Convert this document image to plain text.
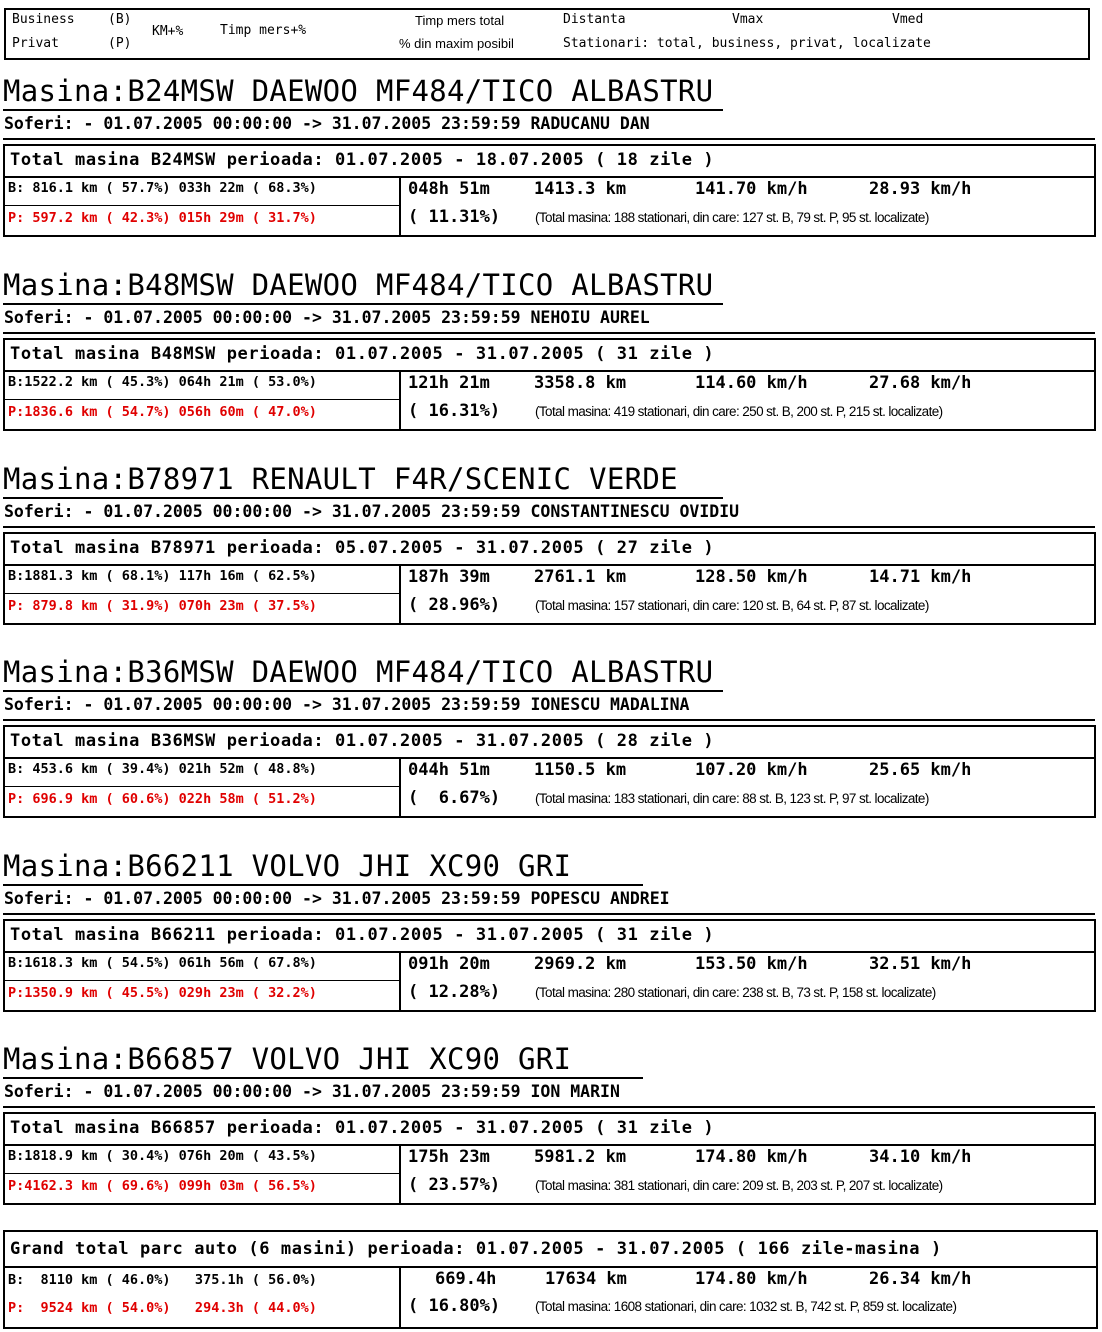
Business	(B)
Privat	(P)
KM+%	Timp mers+%
Timp mers total
% din maxim posibil
Distanta	Vmax	Vmed
Stationari: total, business, privat, localizate
Masina:B24MSW DAEWOO MF484/TICO ALBASTRU
Soferi: - 01.07.2005 00:00:00 -> 31.07.2005 23:59:59 RADUCANU DAN
Total masina B24MSW perioada: 01.07.2005 - 18.07.2005 ( 18 zile )
B: 816.1 km ( 57.7%) 033h 22m ( 68.3%)
P: 597.2 km ( 42.3%) 015h 29m ( 31.7%)
048h 51m	1413.3 km	141.70 km/h	28.93 km/h
( 11.31%)	(Total masina: 188 stationari, din care: 127 st. B, 79 st. P, 95 st. localizate)
Masina:B48MSW DAEWOO MF484/TICO ALBASTRU
Soferi: - 01.07.2005 00:00:00 -> 31.07.2005 23:59:59 NEHOIU AUREL
Total masina B48MSW perioada: 01.07.2005 - 31.07.2005 ( 31 zile )
B:1522.2 km ( 45.3%) 064h 21m ( 53.0%)
P:1836.6 km ( 54.7%) 056h 60m ( 47.0%)
121h 21m	3358.8 km	114.60 km/h	27.68 km/h
( 16.31%)	(Total masina: 419 stationari, din care: 250 st. B, 200 st. P, 215 st. localizate)
Masina:B78971 RENAULT F4R/SCENIC VERDE
Soferi: - 01.07.2005 00:00:00 -> 31.07.2005 23:59:59 CONSTANTINESCU OVIDIU
Total masina B78971 perioada: 05.07.2005 - 31.07.2005 ( 27 zile )
B:1881.3 km ( 68.1%) 117h 16m ( 62.5%)
P: 879.8 km ( 31.9%) 070h 23m ( 37.5%)
187h 39m	2761.1 km	128.50 km/h	14.71 km/h
( 28.96%)	(Total masina: 157 stationari, din care: 120 st. B, 64 st. P, 87 st. localizate)
Masina:B36MSW DAEWOO MF484/TICO ALBASTRU
Soferi: - 01.07.2005 00:00:00 -> 31.07.2005 23:59:59 IONESCU MADALINA
Total masina B36MSW perioada: 01.07.2005 - 31.07.2005 ( 28 zile )
B: 453.6 km ( 39.4%) 021h 52m ( 48.8%)
P: 696.9 km ( 60.6%) 022h 58m ( 51.2%)
044h 51m	1150.5 km	107.20 km/h	25.65 km/h
(  6.67%)	(Total masina: 183 stationari, din care: 88 st. B, 123 st. P, 97 st. localizate)
Masina:B66211 VOLVO JHI XC90 GRI
Soferi: - 01.07.2005 00:00:00 -> 31.07.2005 23:59:59 POPESCU ANDREI
Total masina B66211 perioada: 01.07.2005 - 31.07.2005 ( 31 zile )
B:1618.3 km ( 54.5%) 061h 56m ( 67.8%)
P:1350.9 km ( 45.5%) 029h 23m ( 32.2%)
091h 20m	2969.2 km	153.50 km/h	32.51 km/h
( 12.28%)	(Total masina: 280 stationari, din care: 238 st. B, 73 st. P, 158 st. localizate)
Masina:B66857 VOLVO JHI XC90 GRI
Soferi: - 01.07.2005 00:00:00 -> 31.07.2005 23:59:59 ION MARIN
Total masina B66857 perioada: 01.07.2005 - 31.07.2005 ( 31 zile )
B:1818.9 km ( 30.4%) 076h 20m ( 43.5%)
P:4162.3 km ( 69.6%) 099h 03m ( 56.5%)
175h 23m	5981.2 km	174.80 km/h	34.10 km/h
( 23.57%)	(Total masina: 381 stationari, din care: 209 st. B, 203 st. P, 207 st. localizate)
Grand total parc auto (6 masini) perioada: 01.07.2005 - 31.07.2005 ( 166 zile-masina )
B:  8110 km ( 46.0%)   375.1h ( 56.0%)
P:  9524 km ( 54.0%)   294.3h ( 44.0%)
669.4h	17634 km	174.80 km/h	26.34 km/h
( 16.80%)	(Total masina: 1608 stationari, din care: 1032 st. B, 742 st. P, 859 st. localizate)
